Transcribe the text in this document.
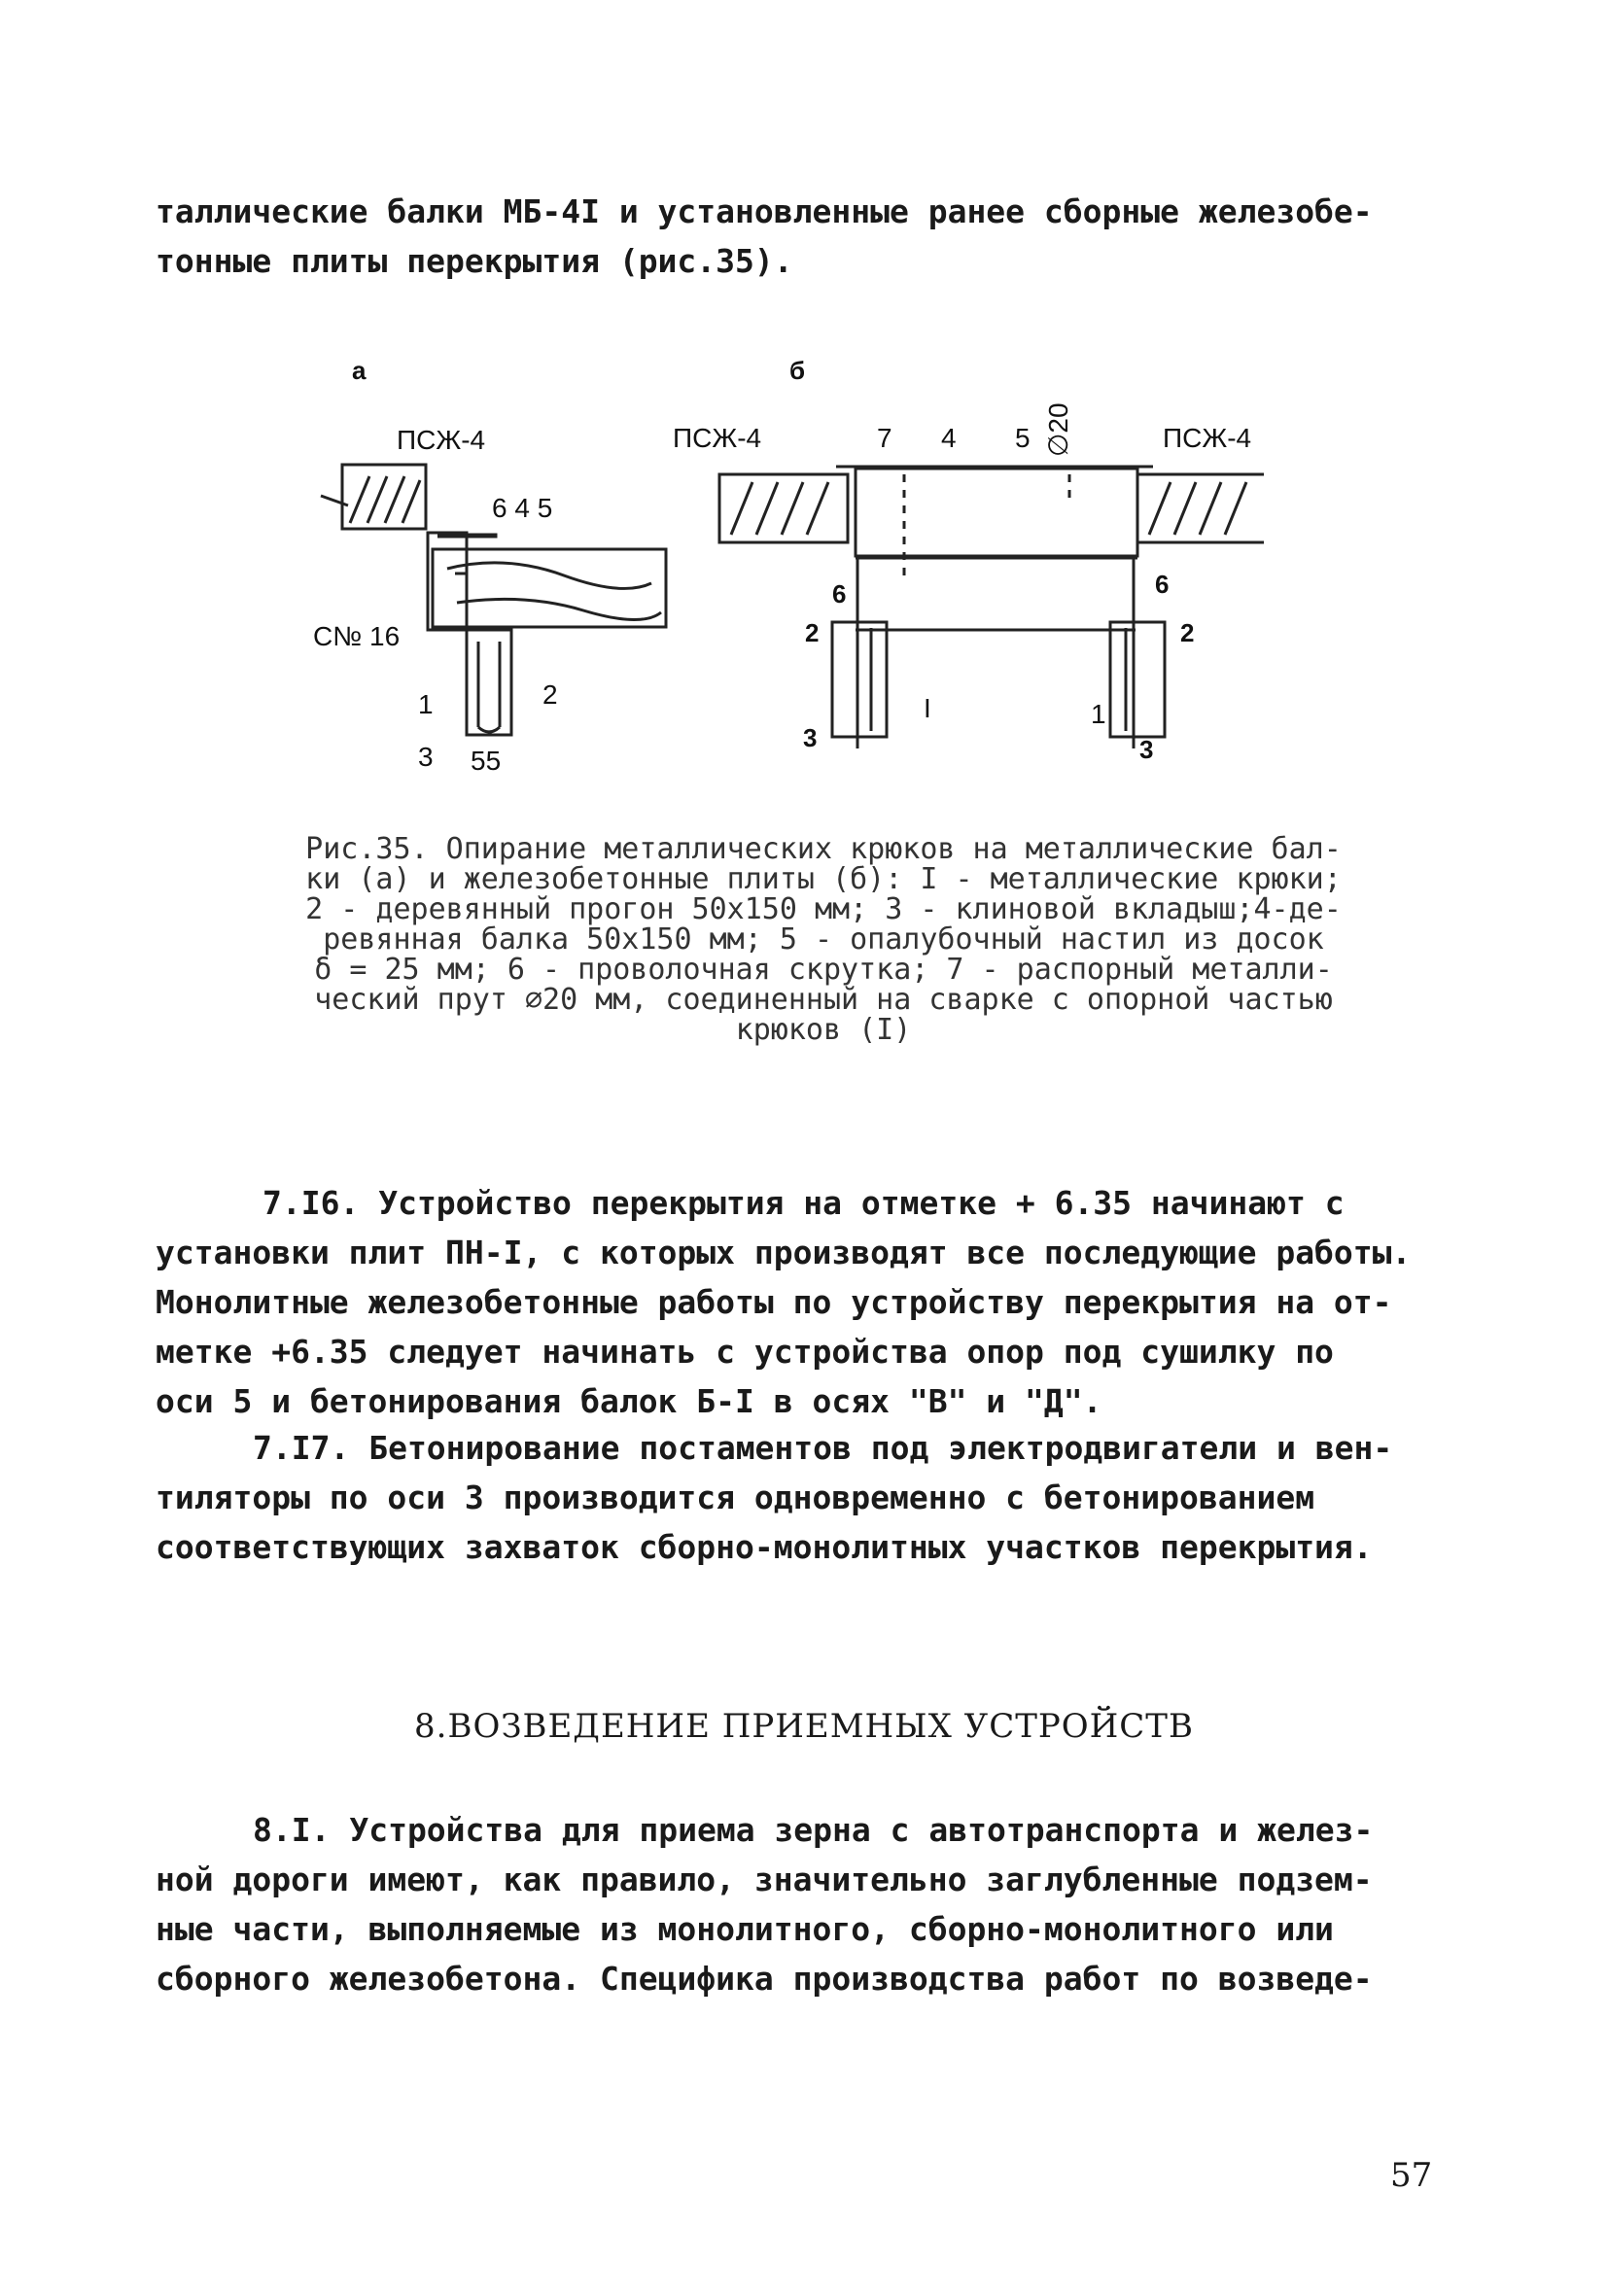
таллические балки МБ-4I и установленные ранее сборные железобе-
тонные плиты перекрытия (рис.35).
а
ПСЖ-4
6 4 5
C№ 16
1	2
3 55
б
ПСЖ-4	ПСЖ-4
7 4 5 ∅20
6	6
2	2
I	1
3	3
Рис.35. Опирание металлических крюков на металлические бал-
ки (а) и железобетонные плиты (б): I - металлические крюки;
2 - деревянный прогон 50х150 мм; 3 - клиновой вкладыш;4-де-
ревянная балка 50х150 мм; 5 - опалубочный настил из досок
δ = 25 мм; 6 - проволочная скрутка; 7 - распорный металли-
ческий прут ∅20 мм, соединенный на сварке с опорной частью
крюков (I)
7.I6. Устройство перекрытия на отметке + 6.35 начинают с
установки плит ПН-I, с которых производят все последующие работы.
Монолитные железобетонные работы по устройству перекрытия на от-
метке +6.35 следует начинать с устройства опор под сушилку по
оси 5 и бетонирования балок Б-I в осях "В" и "Д".
7.I7. Бетонирование постаментов под электродвигатели и вен-
тиляторы по оси 3 производится одновременно с бетонированием
соответствующих захваток сборно-монолитных участков перекрытия.
8.ВОЗВЕДЕНИЕ ПРИЕМНЫХ УСТРОЙСТВ
8.I. Устройства для приема зерна с автотранспорта и желез-
ной дороги имеют, как правило, значительно заглубленные подзем-
ные части, выполняемые из монолитного, сборно-монолитного или
сборного железобетона. Специфика производства работ по возведе-
57
